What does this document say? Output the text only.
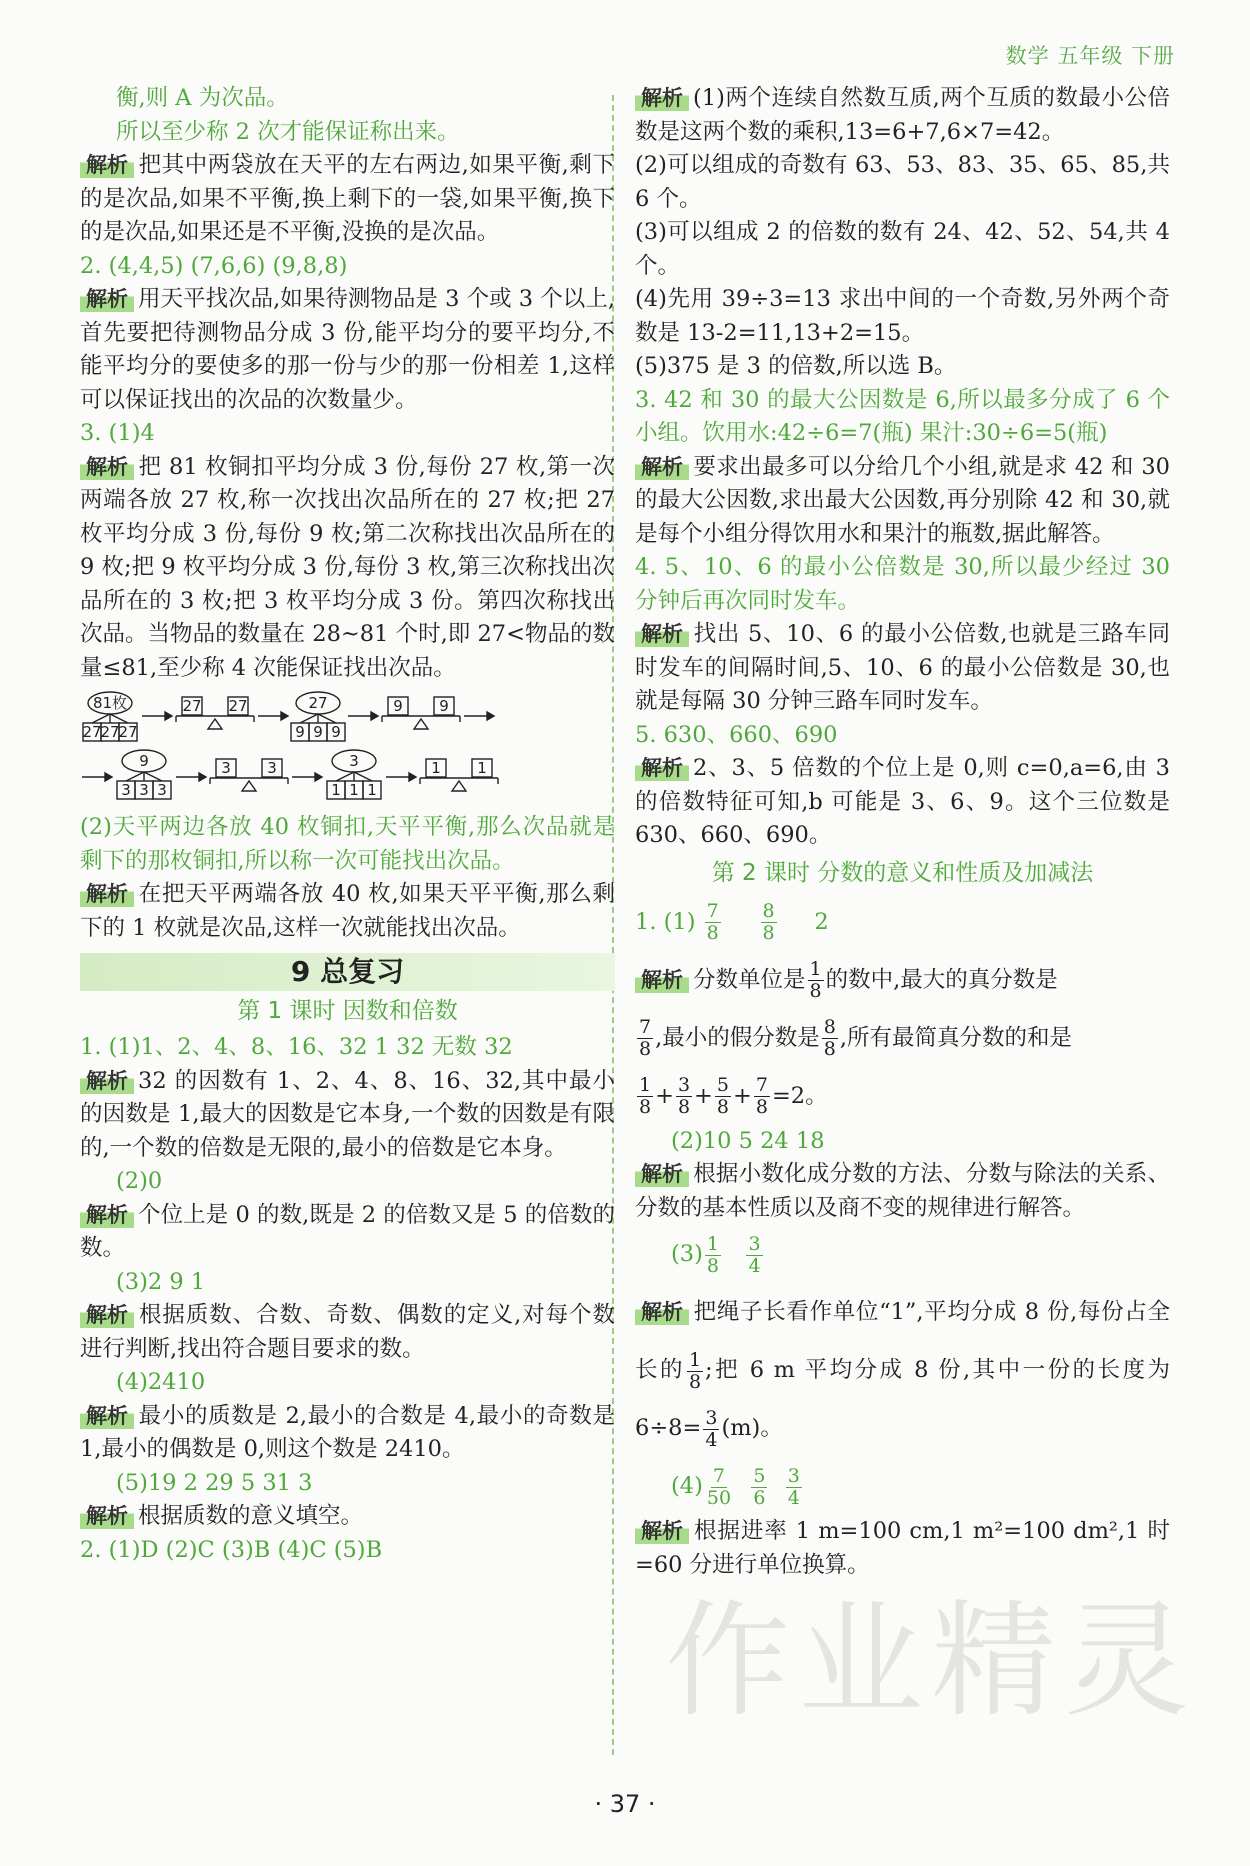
数学 五年级 下册

衡,则 A 为次品。

所以至少称 2 次才能保证称出来。

解析 把其中两袋放在天平的左右两边,如果平衡,剩下的是次品,如果不平衡,换上剩下的一袋,如果平衡,换下的是次品,如果还是不平衡,没换的是次品。

2. (4,4,5) (7,6,6) (9,8,8)

解析 用天平找次品,如果待测物品是 3 个或 3 个以上,首先要把待测物品分成 3 份,能平均分的要平均分,不能平均分的要使多的那一份与少的那一份相差 1,这样可以保证找出的次品的次数量少。

3. (1)4

解析 把 81 枚铜扣平均分成 3 份,每份 27 枚,第一次两端各放 27 枚,称一次找出次品所在的 27 枚;把 27 枚平均分成 3 份,每份 9 枚;第二次称找出次品所在的 9 枚;把 9 枚平均分成 3 份,每份 3 枚,第三次称找出次品所在的 3 枚;把 3 枚平均分成 3 份。第四次称找出次品。当物品的数量在 28~81 个时,即 27<物品的数量≤81,至少称 4 次能保证找出次品。

81枚
27
27
27
27 27	27
9 9 9
9 9
9
3 3 3
3 3	3
1 1 1
1 1

(2)天平两边各放 40 枚铜扣,天平平衡,那么次品就是剩下的那枚铜扣,所以称一次可能找出次品。

解析 在把天平两端各放 40 枚,如果天平平衡,那么剩下的 1 枚就是次品,这样一次就能找出次品。

9 总复习
第 1 课时 因数和倍数

1. (1)1、2、4、8、16、32 1 32 无数 32

解析 32 的因数有 1、2、4、8、16、32,其中最小的因数是 1,最大的因数是它本身,一个数的因数是有限的,一个数的倍数是无限的,最小的倍数是它本身。

(2)0

解析 个位上是 0 的数,既是 2 的倍数又是 5 的倍数的数。

(3)2 9 1

解析 根据质数、合数、奇数、偶数的定义,对每个数进行判断,找出符合题目要求的数。

(4)2410

解析 最小的质数是 2,最小的合数是 4,最小的奇数是 1,最小的偶数是 0,则这个数是 2410。

(5)19 2 29 5 31 3

解析 根据质数的意义填空。

2. (1)D (2)C (3)B (4)C (5)B

解析 (1)两个连续自然数互质,两个互质的数最小公倍数是这两个数的乘积,13=6+7,6×7=42。

(2)可以组成的奇数有 63、53、83、35、65、85,共 6 个。

(3)可以组成 2 的倍数的数有 24、42、52、54,共 4 个。

(4)先用 39÷3=13 求出中间的一个奇数,另外两个奇数是 13-2=11,13+2=15。

(5)375 是 3 的倍数,所以选 B。

3. 42 和 30 的最大公因数是 6,所以最多分成了 6 个小组。饮用水:42÷6=7(瓶) 果汁:30÷6=5(瓶)

解析 要求出最多可以分给几个小组,就是求 42 和 30 的最大公因数,求出最大公因数,再分别除 42 和 30,就是每个小组分得饮用水和果汁的瓶数,据此解答。

4. 5、10、6 的最小公倍数是 30,所以最少经过 30 分钟后再次同时发车。

解析 找出 5、10、6 的最小公倍数,也就是三路车同时发车的间隔时间,5、10、6 的最小公倍数是 30,也就是每隔 30 分钟三路车同时发车。

5. 630、660、690

解析 2、3、5 倍数的个位上是 0,则 c=0,a=6,由 3 的倍数特征可知,b 可能是 3、6、9。这个三位数是 630、660、690。

第 2 课时 分数的意义和性质及加减法

1. $(1) \frac{7}{8}$
$\frac{8}{8} 2$

解析 分数单位是 $\frac{1}{8}$ 的数中,最大的真分数是

$\frac{7}{8}$ ,最小的假分数是 $\frac{8}{8}$ ,所有最简真分数的和是

$\frac{1}{8} + \frac{3}{8} + \frac{5}{8} + \frac{7}{8} =2$。

(2)10 5 24 18

解析 根据小数化成分数的方法、分数与除法的关系、分数的基本性质以及商不变的规律进行解答。

$(3) \frac{1}{8}$
$\frac{3}{4}$

解析 把绳子长看作单位“1”,平均分成 8 份,每份占全长的 $\frac{1}{8}$ ;把 6 m 平均分成 8 份,其中一份的长度为 $6\div 8= \frac{3}{4} (m)$。

$(4) \frac{7}{50}$
$\frac{5}{6}$
$\frac{3}{4}$

解析 根据进率 1 m=100 cm,1 m²=100 dm²,1 时=60 分进行单位换算。

作业精灵
· 37 ·
